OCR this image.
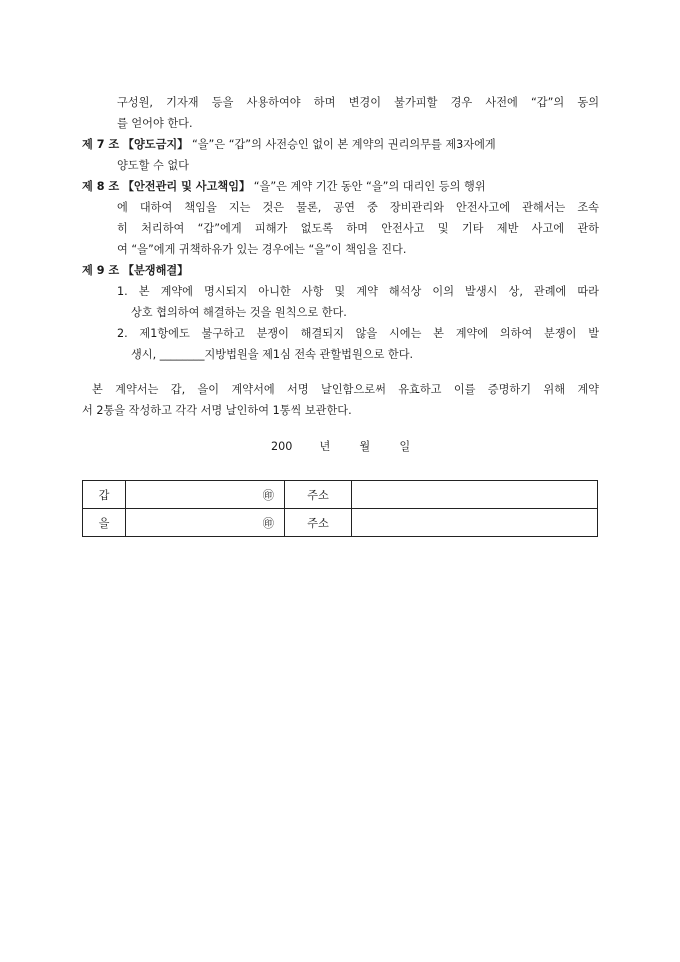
구성원, 기자재 등을 사용하여야 하며 변경이 불가피할 경우 사전에 “갑”의 동의
를 얻어야 한다.
제 7 조 【양도금지】 “을”은 “갑”의 사전승인 없이 본 계약의 권리의무를 제3자에게
양도할 수 없다
제 8 조 【안전관리 및 사고책임】 “을”은 계약 기간 동안 “을”의 대리인 등의 행위
에 대하여 책임을 지는 것은 물론, 공연 중 장비관리와 안전사고에 관해서는 조속
히 처리하여 “갑”에게 피해가 없도록 하며 안전사고 및 기타 제반 사고에 관하
여 “을”에게 귀책하유가 있는 경우에는 “을”이 책임을 진다.
제 9 조 【분쟁해결】
1. 본 계약에 명시되지 아니한 사항 및 계약 해석상 이의 발생시 상, 관례에 따라
상호 협의하여 해결하는 것을 원칙으로 한다.
2. 제1항에도 불구하고 분쟁이 해결되지 않을 시에는 본 계약에 의하여 분쟁이 발
생시, ________지방법원을 제1심 전속 관할법원으로 한다.
본 계약서는 갑, 을이 계약서에 서명 날인함으로써 유효하고 이를 증명하기 위해 계약
서 2통을 작성하고 각각 서명 날인하여 1통씩 보관한다.
200 년	월	일
갑	㊞	주소	
을	㊞	주소	
